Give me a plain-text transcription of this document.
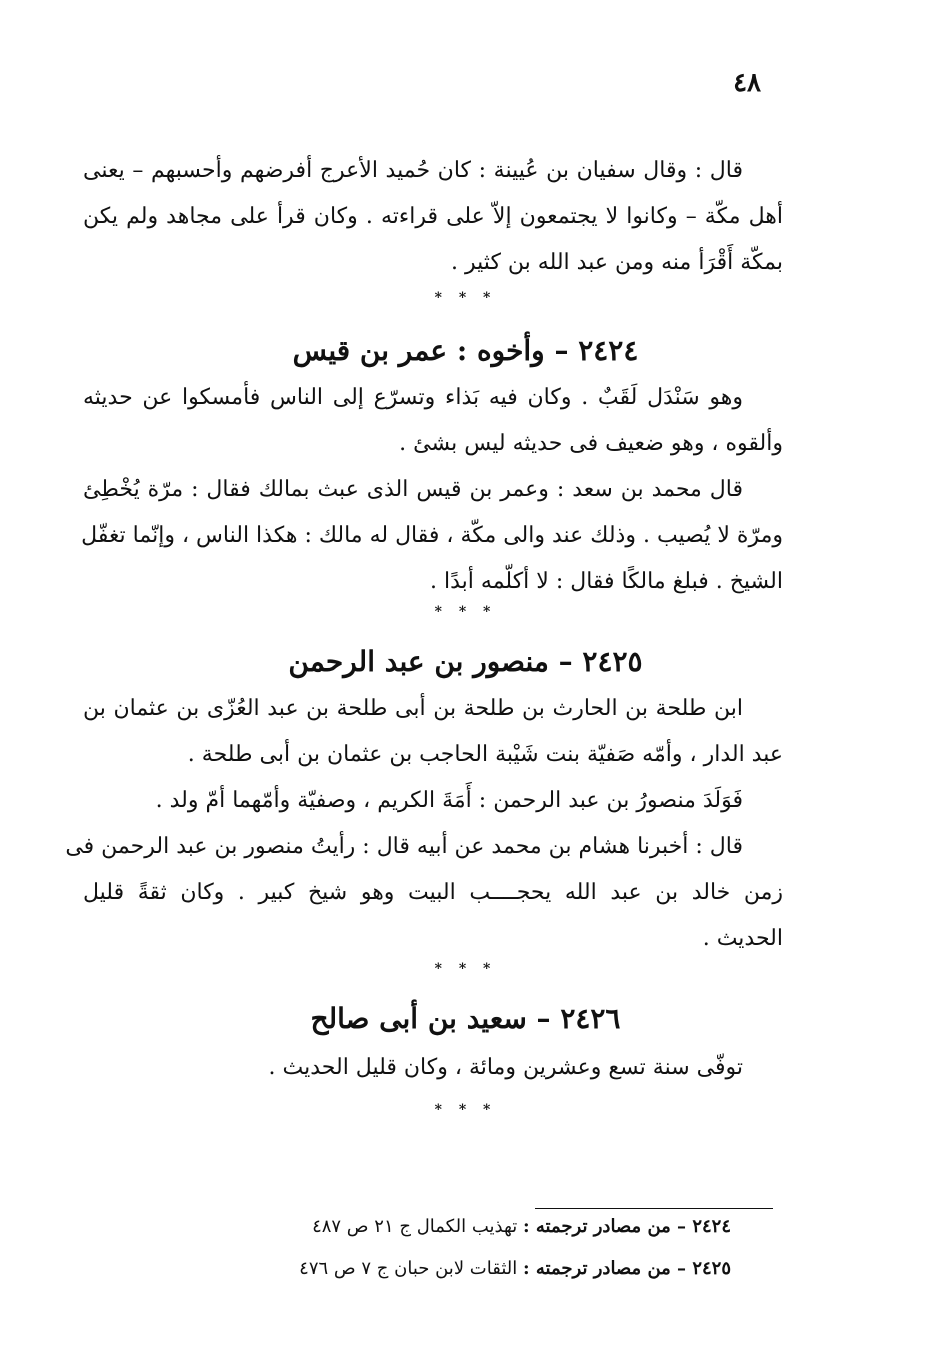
٤٨
قال : وقال سفيان بن عُيينة : كان حُميد الأعرج أفرضهم وأحسبهم – يعنى
أهل مكّة – وكانوا لا يجتمعون إلاّ على قراءته . وكان قرأ على مجاهد ولم يكن
بمكّة أَقْرَأ منه ومن عبد الله بن كثير .
* * *
٢٤٢٤ – وأخوه : عمر بن قيس
وهو سَنْدَل لَقَبٌ . وكان فيه بَذاء وتسرّع إلى الناس فأمسكوا عن حديثه
وألقوه ، وهو ضعيف فى حديثه ليس بشئ .
قال محمد بن سعد : وعمر بن قيس الذى عبث بمالك فقال : مرّة يُخْطِئ
ومرّة لا يُصيب . وذلك عند والى مكّة ، فقال له مالك : هكذا الناس ، وإنّما تغفّل
الشيخ . فبلغ مالكًا فقال : لا أكلّمه أبدًا .
* * *
٢٤٢٥ – منصور بن عبد الرحمن
ابن طلحة بن الحارث بن طلحة بن أبى طلحة بن عبد العُزّى بن عثمان بن
عبد الدار ، وأمّه صَفيّة بنت شَيْبة الحاجب بن عثمان بن أبى طلحة .
فَوَلَدَ منصورُ بن عبد الرحمن : أَمَةَ الكريم ، وصفيّة وأمّهما أمّ ولد .
قال : أخبرنا هشام بن محمد عن أبيه قال : رأيتُ منصور بن عبد الرحمن فى
زمن خالد بن عبد الله يحجــــب البيت وهو شيخ كبير . وكان ثقةً قليل
الحديث .
* * *
٢٤٢٦ – سعيد بن أبى صالح
توفّى سنة تسع وعشرين ومائة ، وكان قليل الحديث .
* * *
٢٤٢٤ – من مصادر ترجمته : تهذيب الكمال ج ٢١ ص ٤٨٧
٢٤٢٥ – من مصادر ترجمته : الثقات لابن حبان ج ٧ ص ٤٧٦
